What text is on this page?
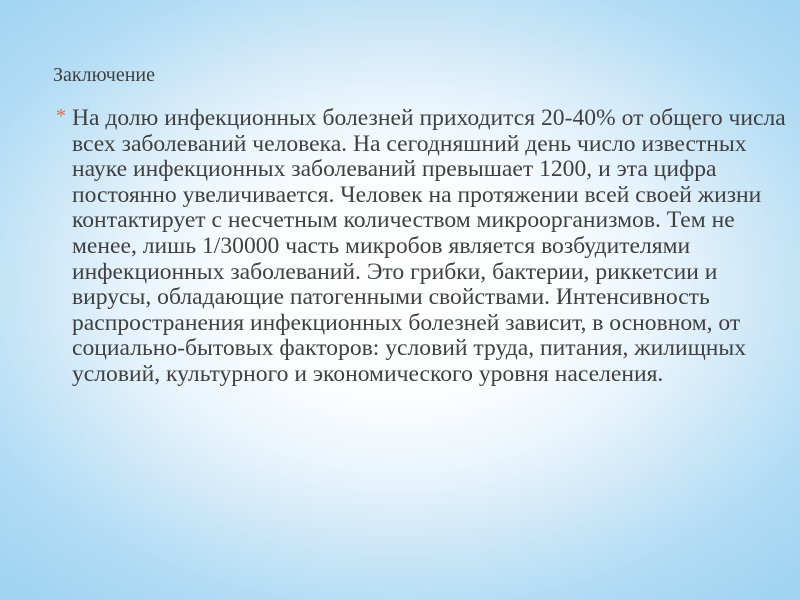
Заключение
* На долю инфекционных болезней приходится 20-40% от общего числа всех заболеваний человека. На сегодняшний день число известных науке инфекционных заболеваний превышает 1200, и эта цифра постоянно увеличивается. Человек на протяжении всей своей жизни контактирует с несчетным количеством микроорганизмов. Тем не менее, лишь 1/30000 часть микробов является возбудителями инфекционных заболеваний. Это грибки, бактерии, риккетсии и вирусы, обладающие патогенными свойствами. Интенсивность распространения инфекционных болезней зависит, в основном, от социально-бытовых факторов: условий труда, питания, жилищных условий, культурного и экономического уровня населения.
